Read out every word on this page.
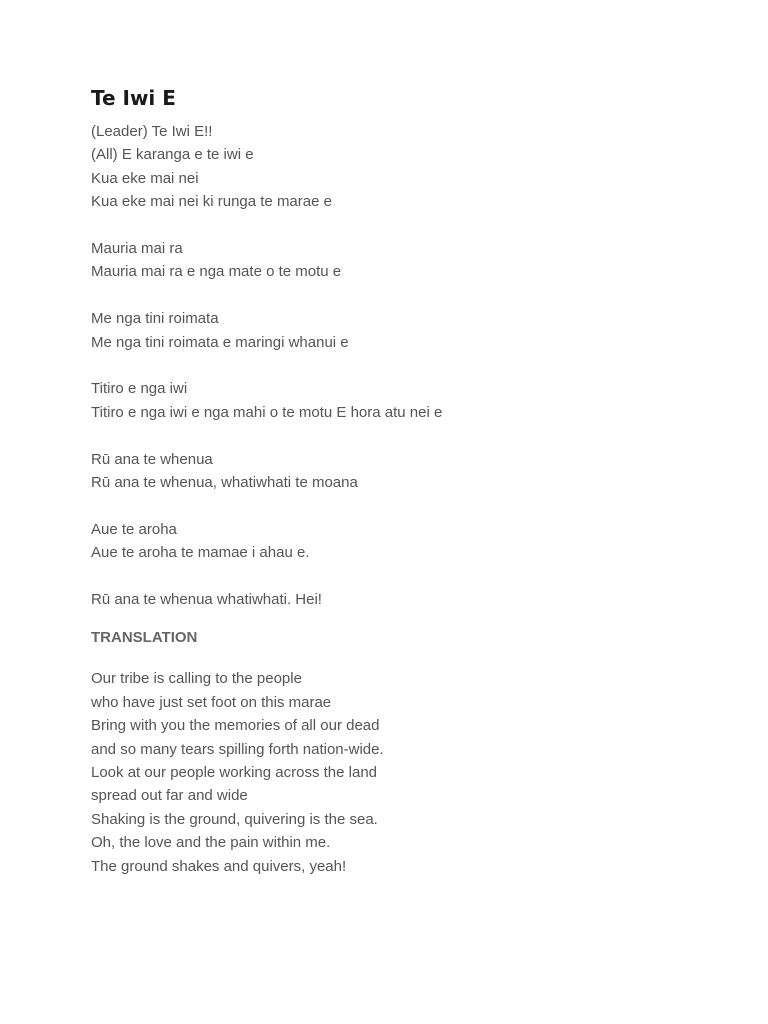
Te Iwi E
(Leader) Te Iwi E!!
(All) E karanga e te iwi e
Kua eke mai nei
Kua eke mai nei ki runga te marae e
Mauria mai ra
Mauria mai ra e nga mate o te motu e
Me nga tini roimata
Me nga tini roimata e maringi whanui e
Titiro e nga iwi
Titiro e nga iwi e nga mahi o te motu E hora atu nei e
Rū ana te whenua
Rū ana te whenua, whatiwhati te moana
Aue te aroha
Aue te aroha te mamae i ahau e.
Rū ana te whenua whatiwhati. Hei!
TRANSLATION
Our tribe is calling to the people
who have just set foot on this marae
Bring with you the memories of all our dead
and so many tears spilling forth nation-wide.
Look at our people working across the land
spread out far and wide
Shaking is the ground, quivering is the sea.
Oh, the love and the pain within me.
The ground shakes and quivers, yeah!
